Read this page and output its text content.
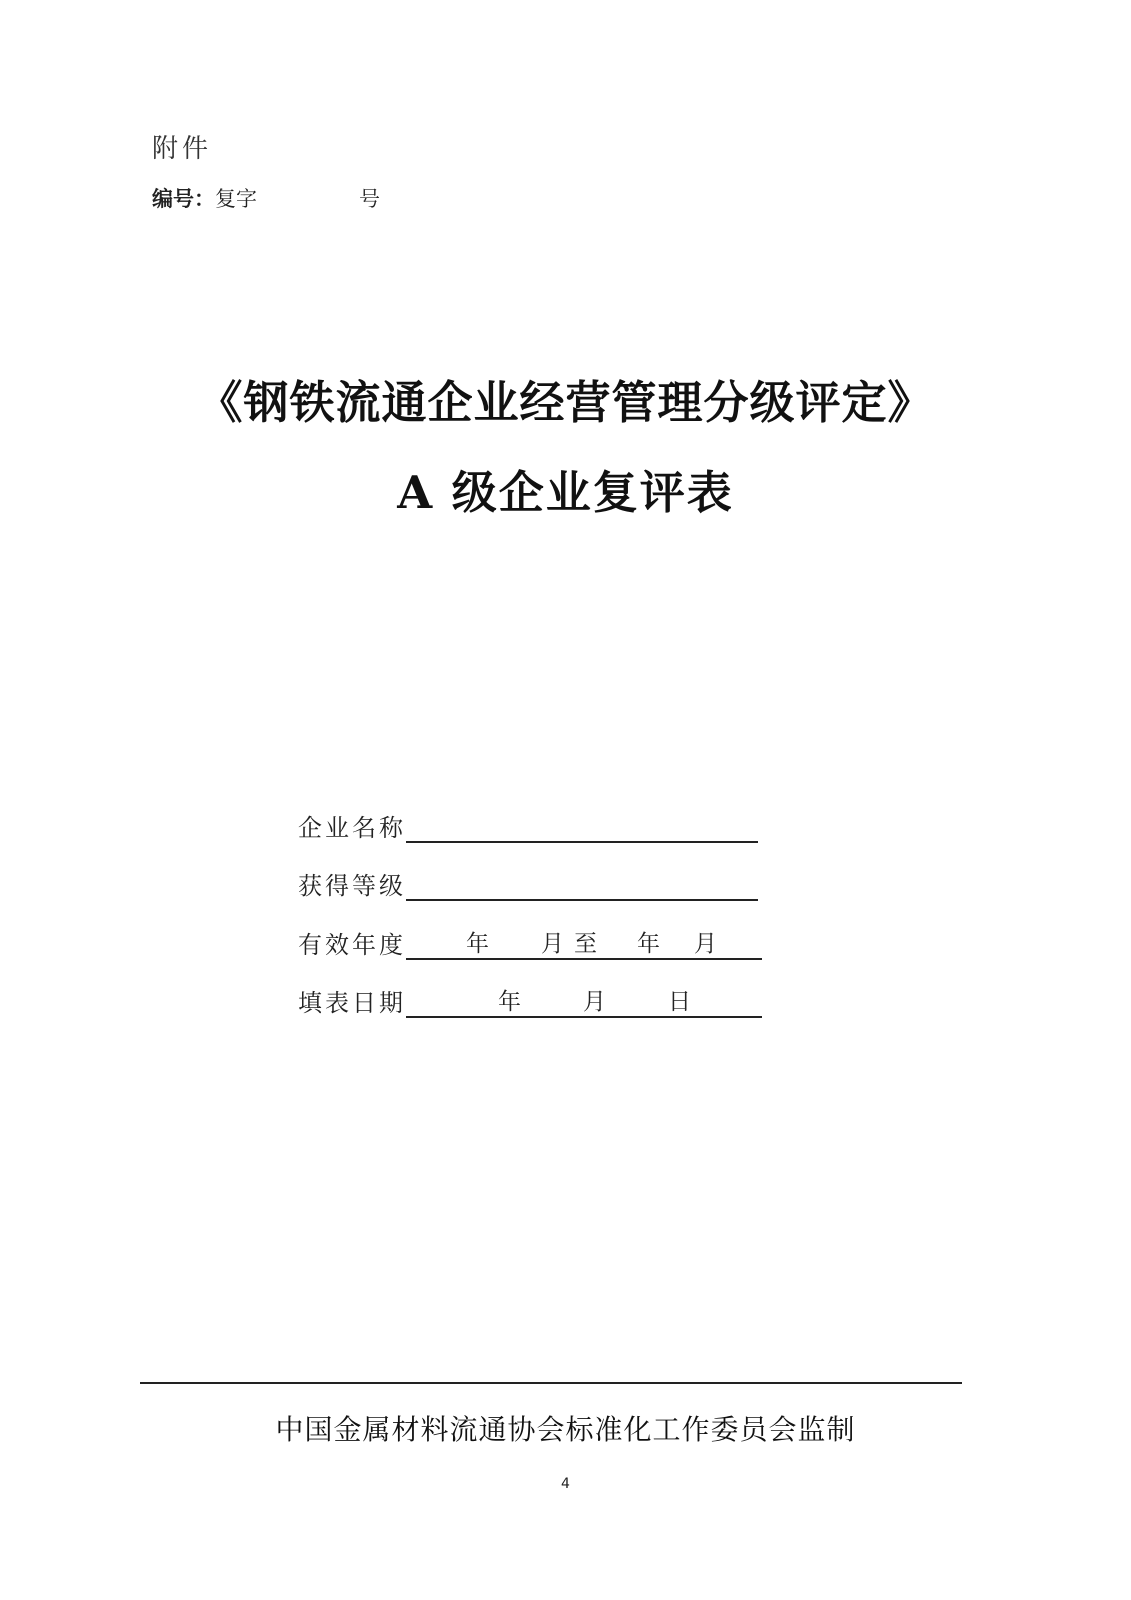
附件
编号：复字	号
《钢铁流通企业经营管理分级评定》
A 级企业复评表
企业名称
获得等级
有效年度	年 月 至 年 月
填表日期	年	月	日
中国金属材料流通协会标准化工作委员会监制
4
